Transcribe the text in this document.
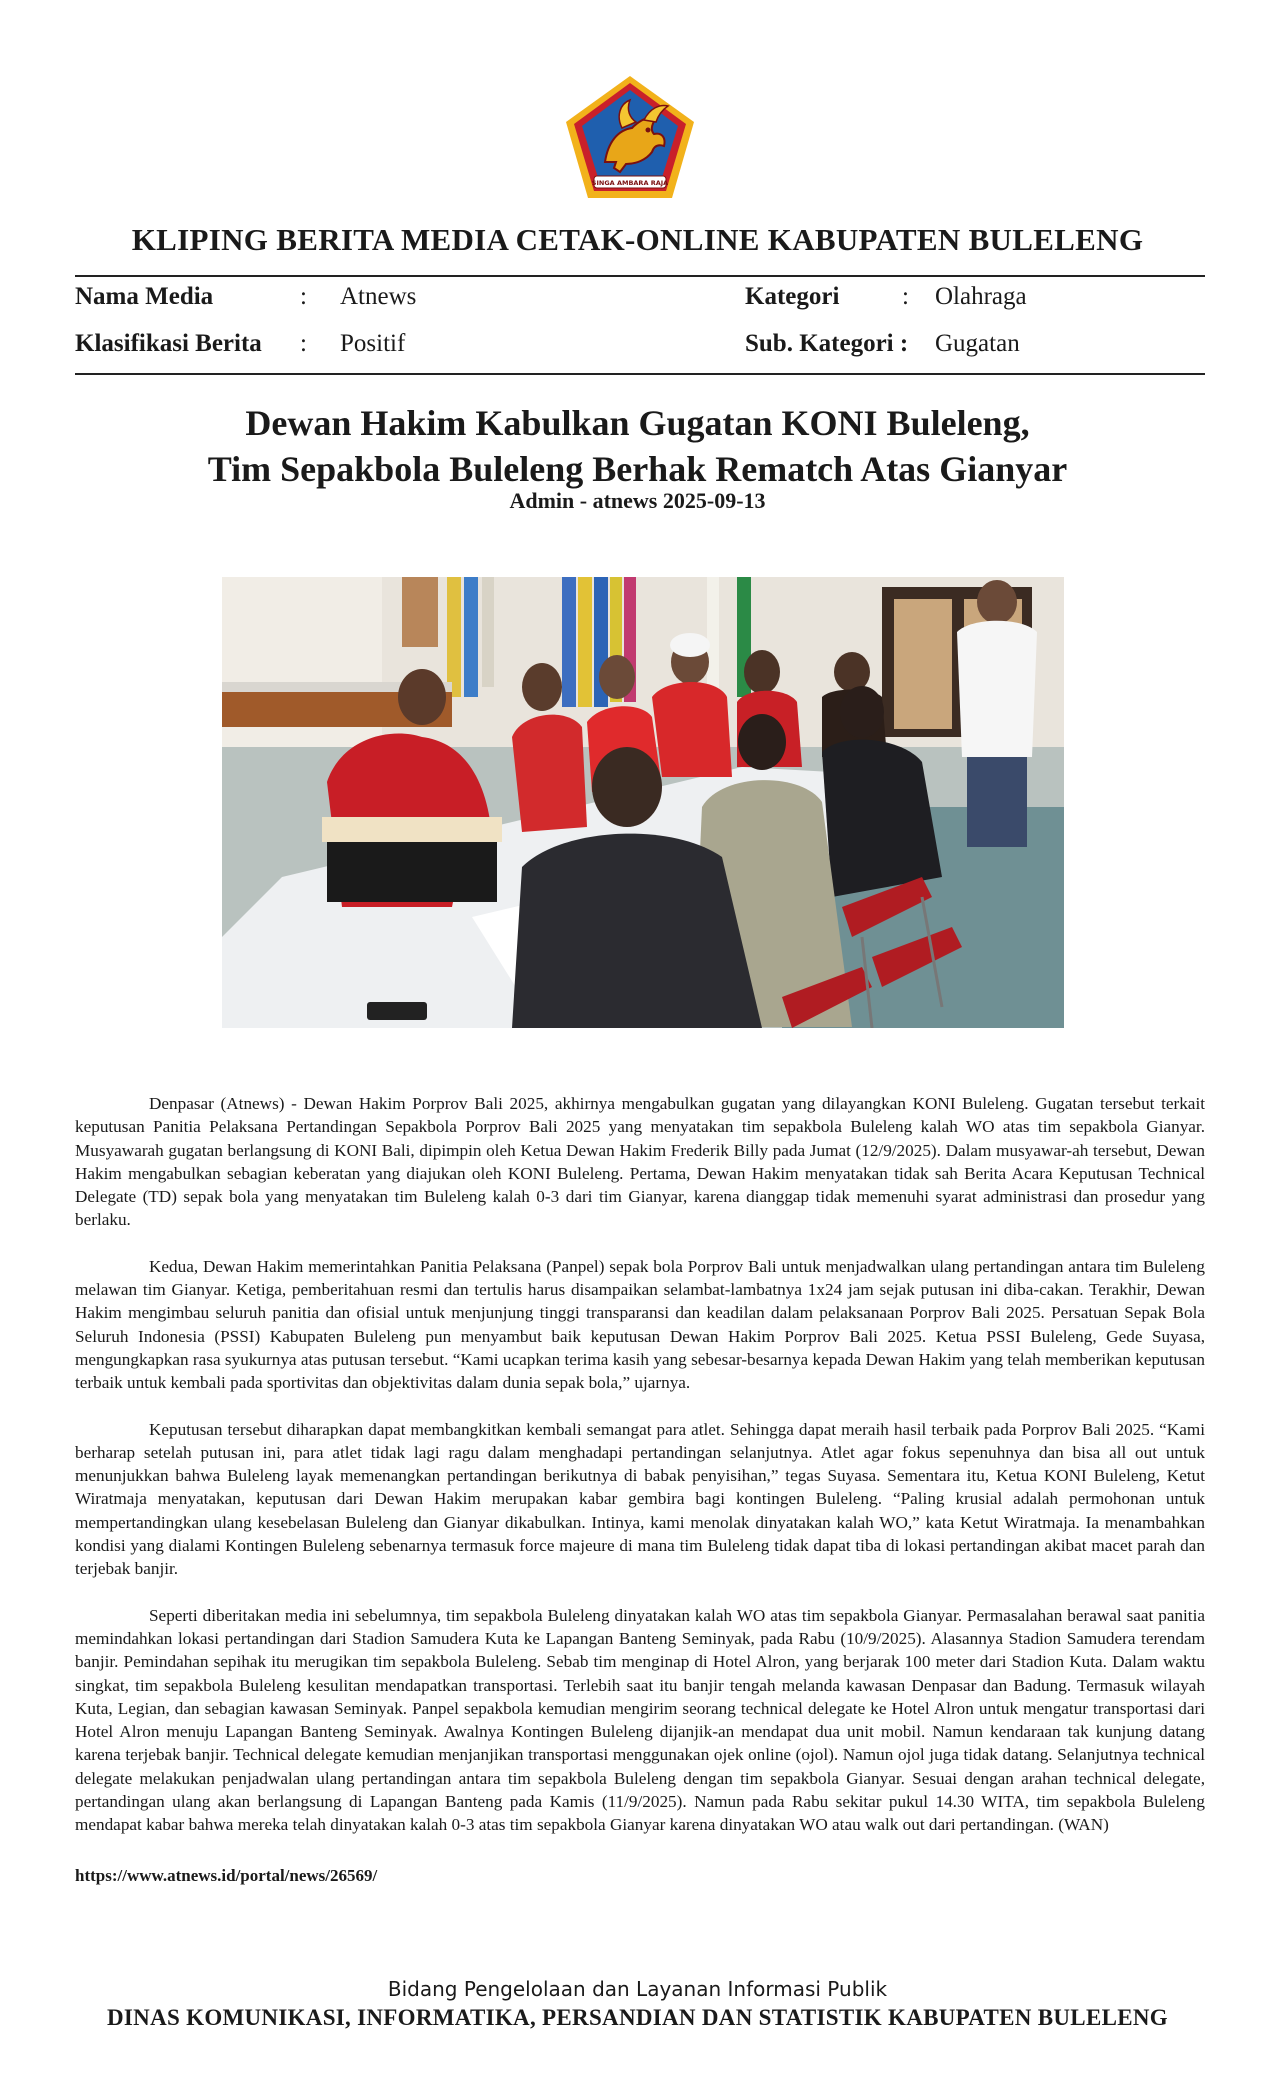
SINGA AMBARA RAJA
KLIPING BERITA MEDIA CETAK-ONLINE KABUPATEN BULELENG
Nama Media	: Atnews	Kategori	: Olahraga
Klasifikasi Berita : Positif	Sub. Kategori : Gugatan
Dewan Hakim Kabulkan Gugatan KONI Buleleng,
Tim Sepakbola Buleleng Berhak Rematch Atas Gianyar
Admin - atnews 2025-09-13

Denpasar (Atnews) - Dewan Hakim Porprov Bali 2025, akhirnya mengabulkan gugatan yang dilayangkan KONI Buleleng. Gugatan tersebut terkait keputusan Panitia Pelaksana Pertandingan Sepakbola Porprov Bali 2025 yang menyatakan tim sepakbola Buleleng kalah WO atas tim sepakbola Gianyar. Musyawarah gugatan berlangsung di KONI Bali, dipimpin oleh Ketua Dewan Hakim Frederik Billy pada Jumat (12/9/2025). Dalam musyawar-ah tersebut, Dewan Hakim mengabulkan sebagian keberatan yang diajukan oleh KONI Buleleng. Pertama, Dewan Hakim menyatakan tidak sah Berita Acara Keputusan Technical Delegate (TD) sepak bola yang menyatakan tim Buleleng kalah 0-3 dari tim Gianyar, karena dianggap tidak memenuhi syarat administrasi dan prosedur yang berlaku.

Kedua, Dewan Hakim memerintahkan Panitia Pelaksana (Panpel) sepak bola Porprov Bali untuk menjadwalkan ulang pertandingan antara tim Buleleng melawan tim Gianyar. Ketiga, pemberitahuan resmi dan tertulis harus disampaikan selambat-lambatnya 1x24 jam sejak putusan ini diba-cakan. Terakhir, Dewan Hakim mengimbau seluruh panitia dan ofisial untuk menjunjung tinggi transparansi dan keadilan dalam pelaksanaan Porprov Bali 2025. Persatuan Sepak Bola Seluruh Indonesia (PSSI) Kabupaten Buleleng pun menyambut baik keputusan Dewan Hakim Porprov Bali 2025. Ketua PSSI Buleleng, Gede Suyasa, mengungkapkan rasa syukurnya atas putusan tersebut. “Kami ucapkan terima kasih yang sebesar-besarnya kepada Dewan Hakim yang telah memberikan keputusan terbaik untuk kembali pada sportivitas dan objektivitas dalam dunia sepak bola,” ujarnya.

Keputusan tersebut diharapkan dapat membangkitkan kembali semangat para atlet. Sehingga dapat meraih hasil terbaik pada Porprov Bali 2025. “Kami berharap setelah putusan ini, para atlet tidak lagi ragu dalam menghadapi pertandingan selanjutnya. Atlet agar fokus sepenuhnya dan bisa all out untuk menunjukkan bahwa Buleleng layak memenangkan pertandingan berikutnya di babak penyisihan,” tegas Suyasa. Sementara itu, Ketua KONI Buleleng, Ketut Wiratmaja menyatakan, keputusan dari Dewan Hakim merupakan kabar gembira bagi kontingen Buleleng. “Paling krusial adalah permohonan untuk mempertandingkan ulang kesebelasan Buleleng dan Gianyar dikabulkan. Intinya, kami menolak dinyatakan kalah WO,” kata Ketut Wiratmaja. Ia menambahkan kondisi yang dialami Kontingen Buleleng sebenarnya termasuk force majeure di mana tim Buleleng tidak dapat tiba di lokasi pertandingan akibat macet parah dan terjebak banjir.

Seperti diberitakan media ini sebelumnya, tim sepakbola Buleleng dinyatakan kalah WO atas tim sepakbola Gianyar. Permasalahan berawal saat panitia memindahkan lokasi pertandingan dari Stadion Samudera Kuta ke Lapangan Banteng Seminyak, pada Rabu (10/9/2025). Alasannya Stadion Samudera terendam banjir. Pemindahan sepihak itu merugikan tim sepakbola Buleleng. Sebab tim menginap di Hotel Alron, yang berjarak 100 meter dari Stadion Kuta. Dalam waktu singkat, tim sepakbola Buleleng kesulitan mendapatkan transportasi. Terlebih saat itu banjir tengah melanda kawasan Denpasar dan Badung. Termasuk wilayah Kuta, Legian, dan sebagian kawasan Seminyak. Panpel sepakbola kemudian mengirim seorang technical delegate ke Hotel Alron untuk mengatur transportasi dari Hotel Alron menuju Lapangan Banteng Seminyak. Awalnya Kontingen Buleleng dijanjik-an mendapat dua unit mobil. Namun kendaraan tak kunjung datang karena terjebak banjir. Technical delegate kemudian menjanjikan transportasi menggunakan ojek online (ojol). Namun ojol juga tidak datang. Selanjutnya technical delegate melakukan penjadwalan ulang pertandingan antara tim sepakbola Buleleng dengan tim sepakbola Gianyar. Sesuai dengan arahan technical delegate, pertandingan ulang akan berlangsung di Lapangan Banteng pada Kamis (11/9/2025). Namun pada Rabu sekitar pukul 14.30 WITA, tim sepakbola Buleleng mendapat kabar bahwa mereka telah dinyatakan kalah 0-3 atas tim sepakbola Gianyar karena dinyatakan WO atau walk out dari pertandingan. (WAN)

https://www.atnews.id/portal/news/26569/
Bidang Pengelolaan dan Layanan Informasi Publik
DINAS KOMUNIKASI, INFORMATIKA, PERSANDIAN DAN STATISTIK KABUPATEN BULELENG
